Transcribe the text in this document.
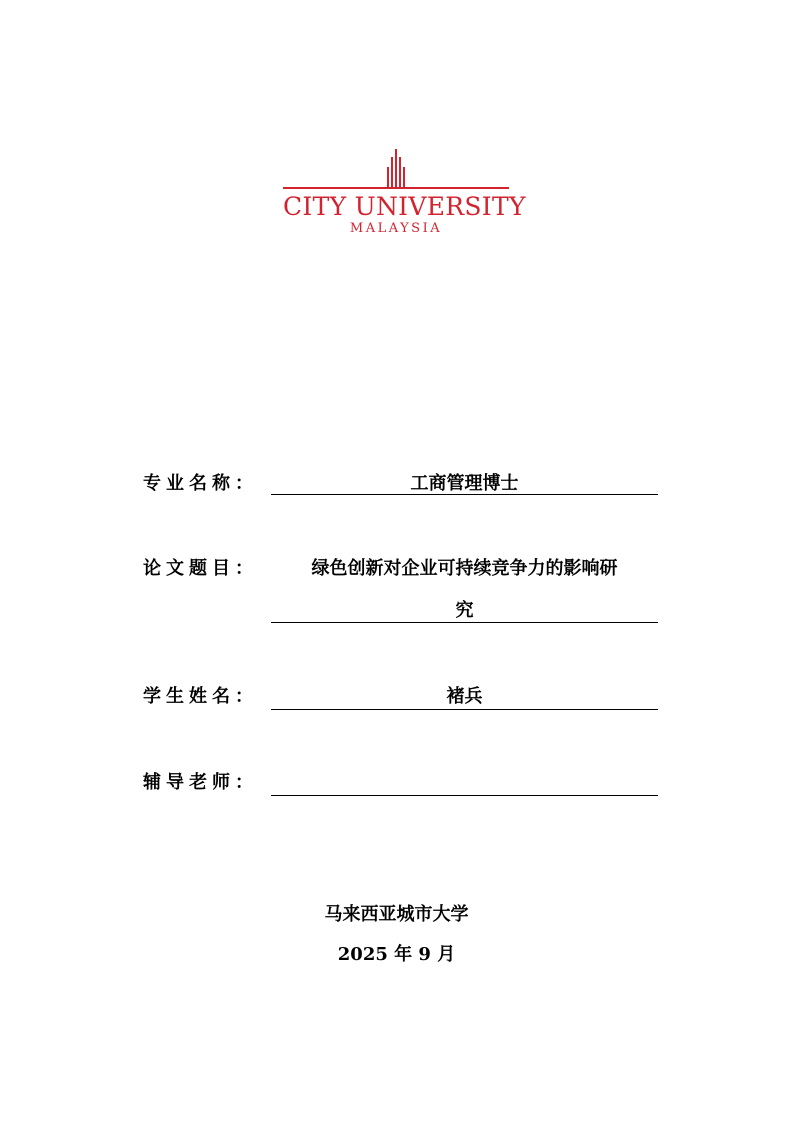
CITY UNIVERSITY
MALAYSIA
专业名称：	工商管理博士
论文题目：	绿色创新对企业可持续竞争力的影响研
究
学生姓名：	褚兵
辅导老师：
马来西亚城市大学
2025 年 9 月
